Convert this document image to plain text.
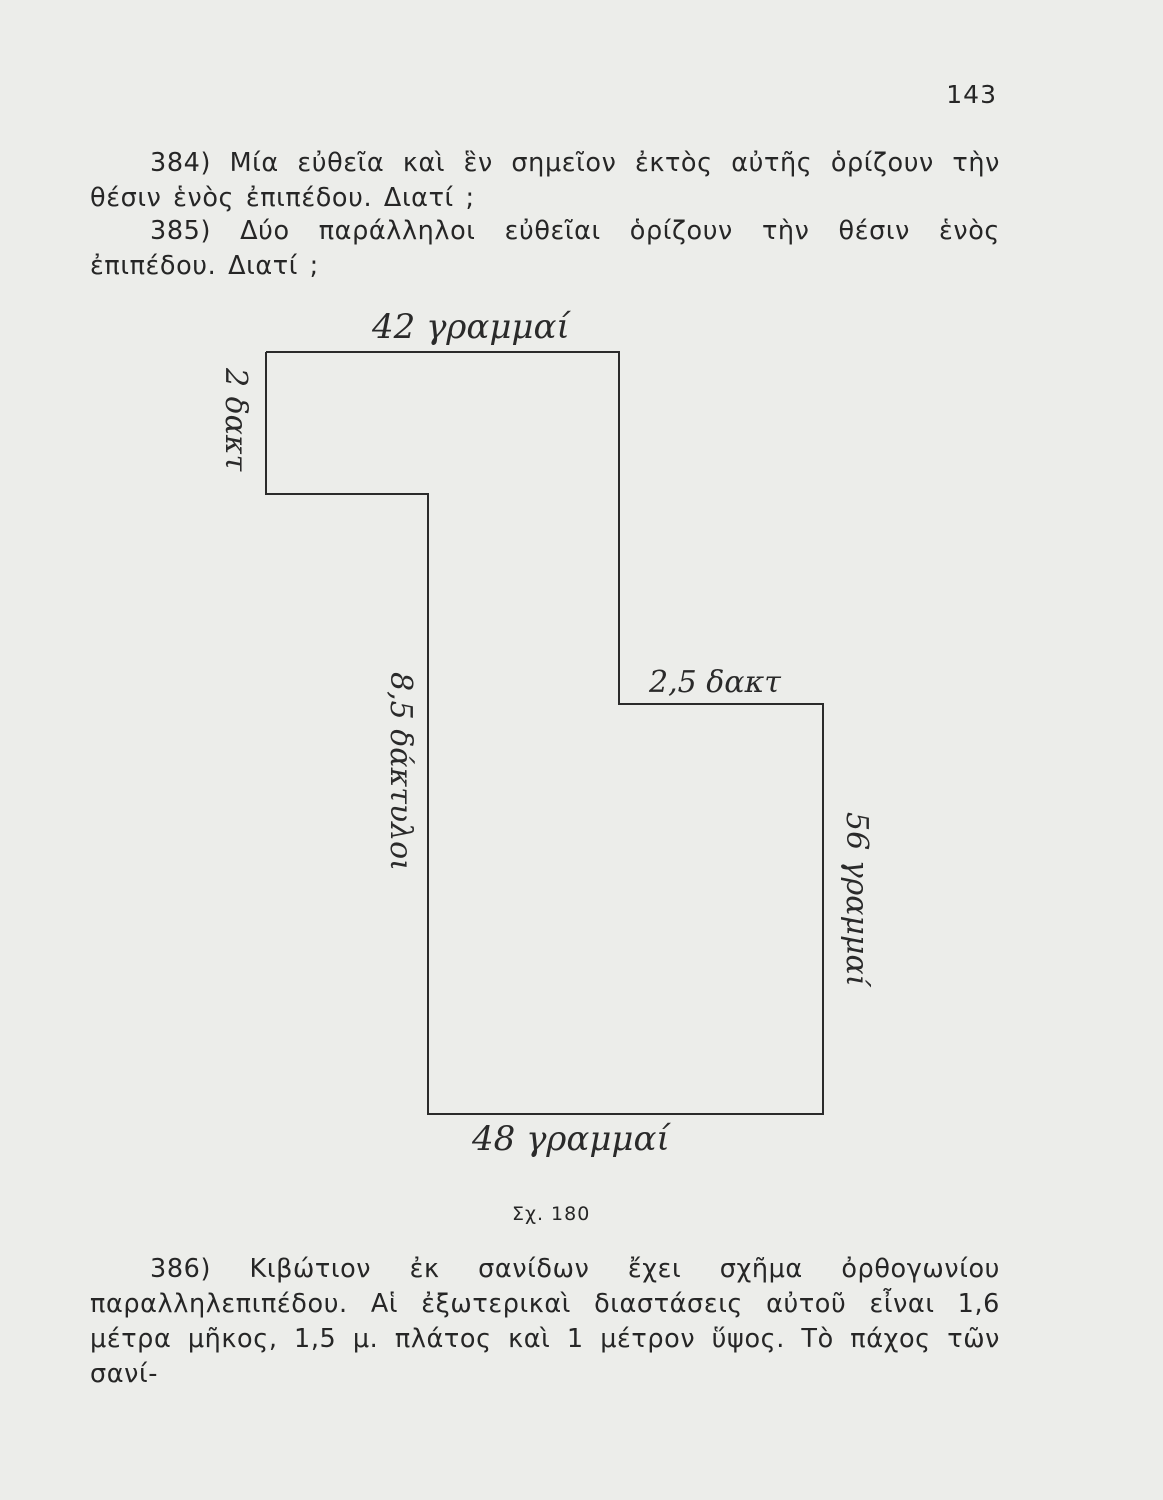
143
384) Μία εὐθεῖα καὶ ἓν σημεῖον ἐκτὸς αὐτῆς ὁρίζουν τὴν θέσιν ἑνὸς ἐπιπέδου. Διατί ;
385) Δύο παράλληλοι εὐθεῖαι ὁρίζουν τὴν θέσιν ἑνὸς ἐπιπέδου. Διατί ;
42 γραμμαί
2 δακτ
8,5 δάκτυλοι	2,5 δακτ
56 γραμμαί
48 γραμμαί
Σχ. 180
386) Κιβώτιον ἐκ σανίδων ἔχει σχῆμα ὀρθογωνίου παραλληλεπιπέδου. Αἱ ἐξωτερικαὶ διαστάσεις αὐτοῦ εἶναι 1,6 μέτρα μῆκος, 1,5 μ. πλάτος καὶ 1 μέτρον ὕψος. Τὸ πάχος τῶν σανί-
